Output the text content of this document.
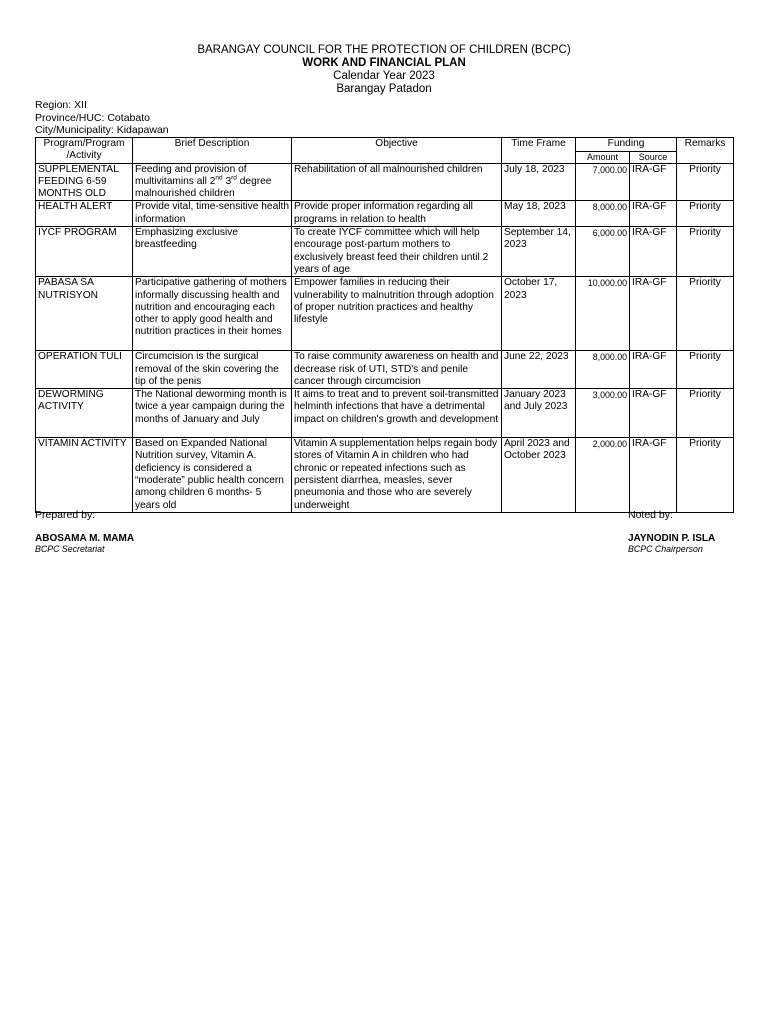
BARANGAY COUNCIL FOR THE PROTECTION OF CHILDREN (BCPC)
WORK AND FINANCIAL PLAN
Calendar Year 2023
Barangay Patadon
Region: XII
Province/HUC: Cotabato
City/Municipality: Kidapawan
Program/Program /Activity	Brief Description	Objective	Time Frame	Funding		Remarks
				Amount	Source	
SUPPLEMENTAL FEEDING 6-59 MONTHS OLD	Feeding and provision of multivitamins all 2nd 3rd degree malnourished children	Rehabilitation of all malnourished children	July 18, 2023	7,000.00	IRA-GF	Priority
HEALTH ALERT	Provide vital, time-sensitive health information	Provide proper information regarding all programs in relation to health	May 18, 2023	8,000.00	IRA-GF	Priority
IYCF PROGRAM	Emphasizing exclusive breastfeeding	To create IYCF committee which will help encourage post-partum mothers to exclusively breast feed their children until 2 years of age	September 14, 2023	6,000.00	IRA-GF	Priority
PABASA SA NUTRISYON	Participative gathering of mothers informally discussing health and nutrition and encouraging each other to apply good health and nutrition practices in their homes	Empower families in reducing their vulnerability to malnutrition through adoption of proper nutrition practices and healthy lifestyle	October 17, 2023	10,000.00	IRA-GF	Priority
OPERATION TULI	Circumcision is the surgical removal of the skin covering the tip of the penis	To raise community awareness on health and decrease risk of UTI, STD's and penile cancer through circumcision	June 22, 2023	8,000.00	IRA-GF	Priority
DEWORMING ACTIVITY	The National deworming month is twice a year campaign during the months of January and July	It aims to treat and to prevent soil-transmitted helminth infections that have a detrimental impact on children's growth and development	January 2023 and July 2023	3,000.00	IRA-GF	Priority
VITAMIN ACTIVITY	Based on Expanded National Nutrition survey, Vitamin A. deficiency is considered a “moderate” public health concern among children 6 months- 5 years old	Vitamin A supplementation helps regain body stores of Vitamin A in children who had chronic or repeated infections such as persistent diarrhea, measles, sever pneumonia and those who are severely underweight	April 2023 and October 2023	2,000.00	IRA-GF	Priority
Prepared by:
ABOSAMA M. MAMA
BCPC Secretariat
Noted by:
JAYNODIN P. ISLA
BCPC Chairperson
